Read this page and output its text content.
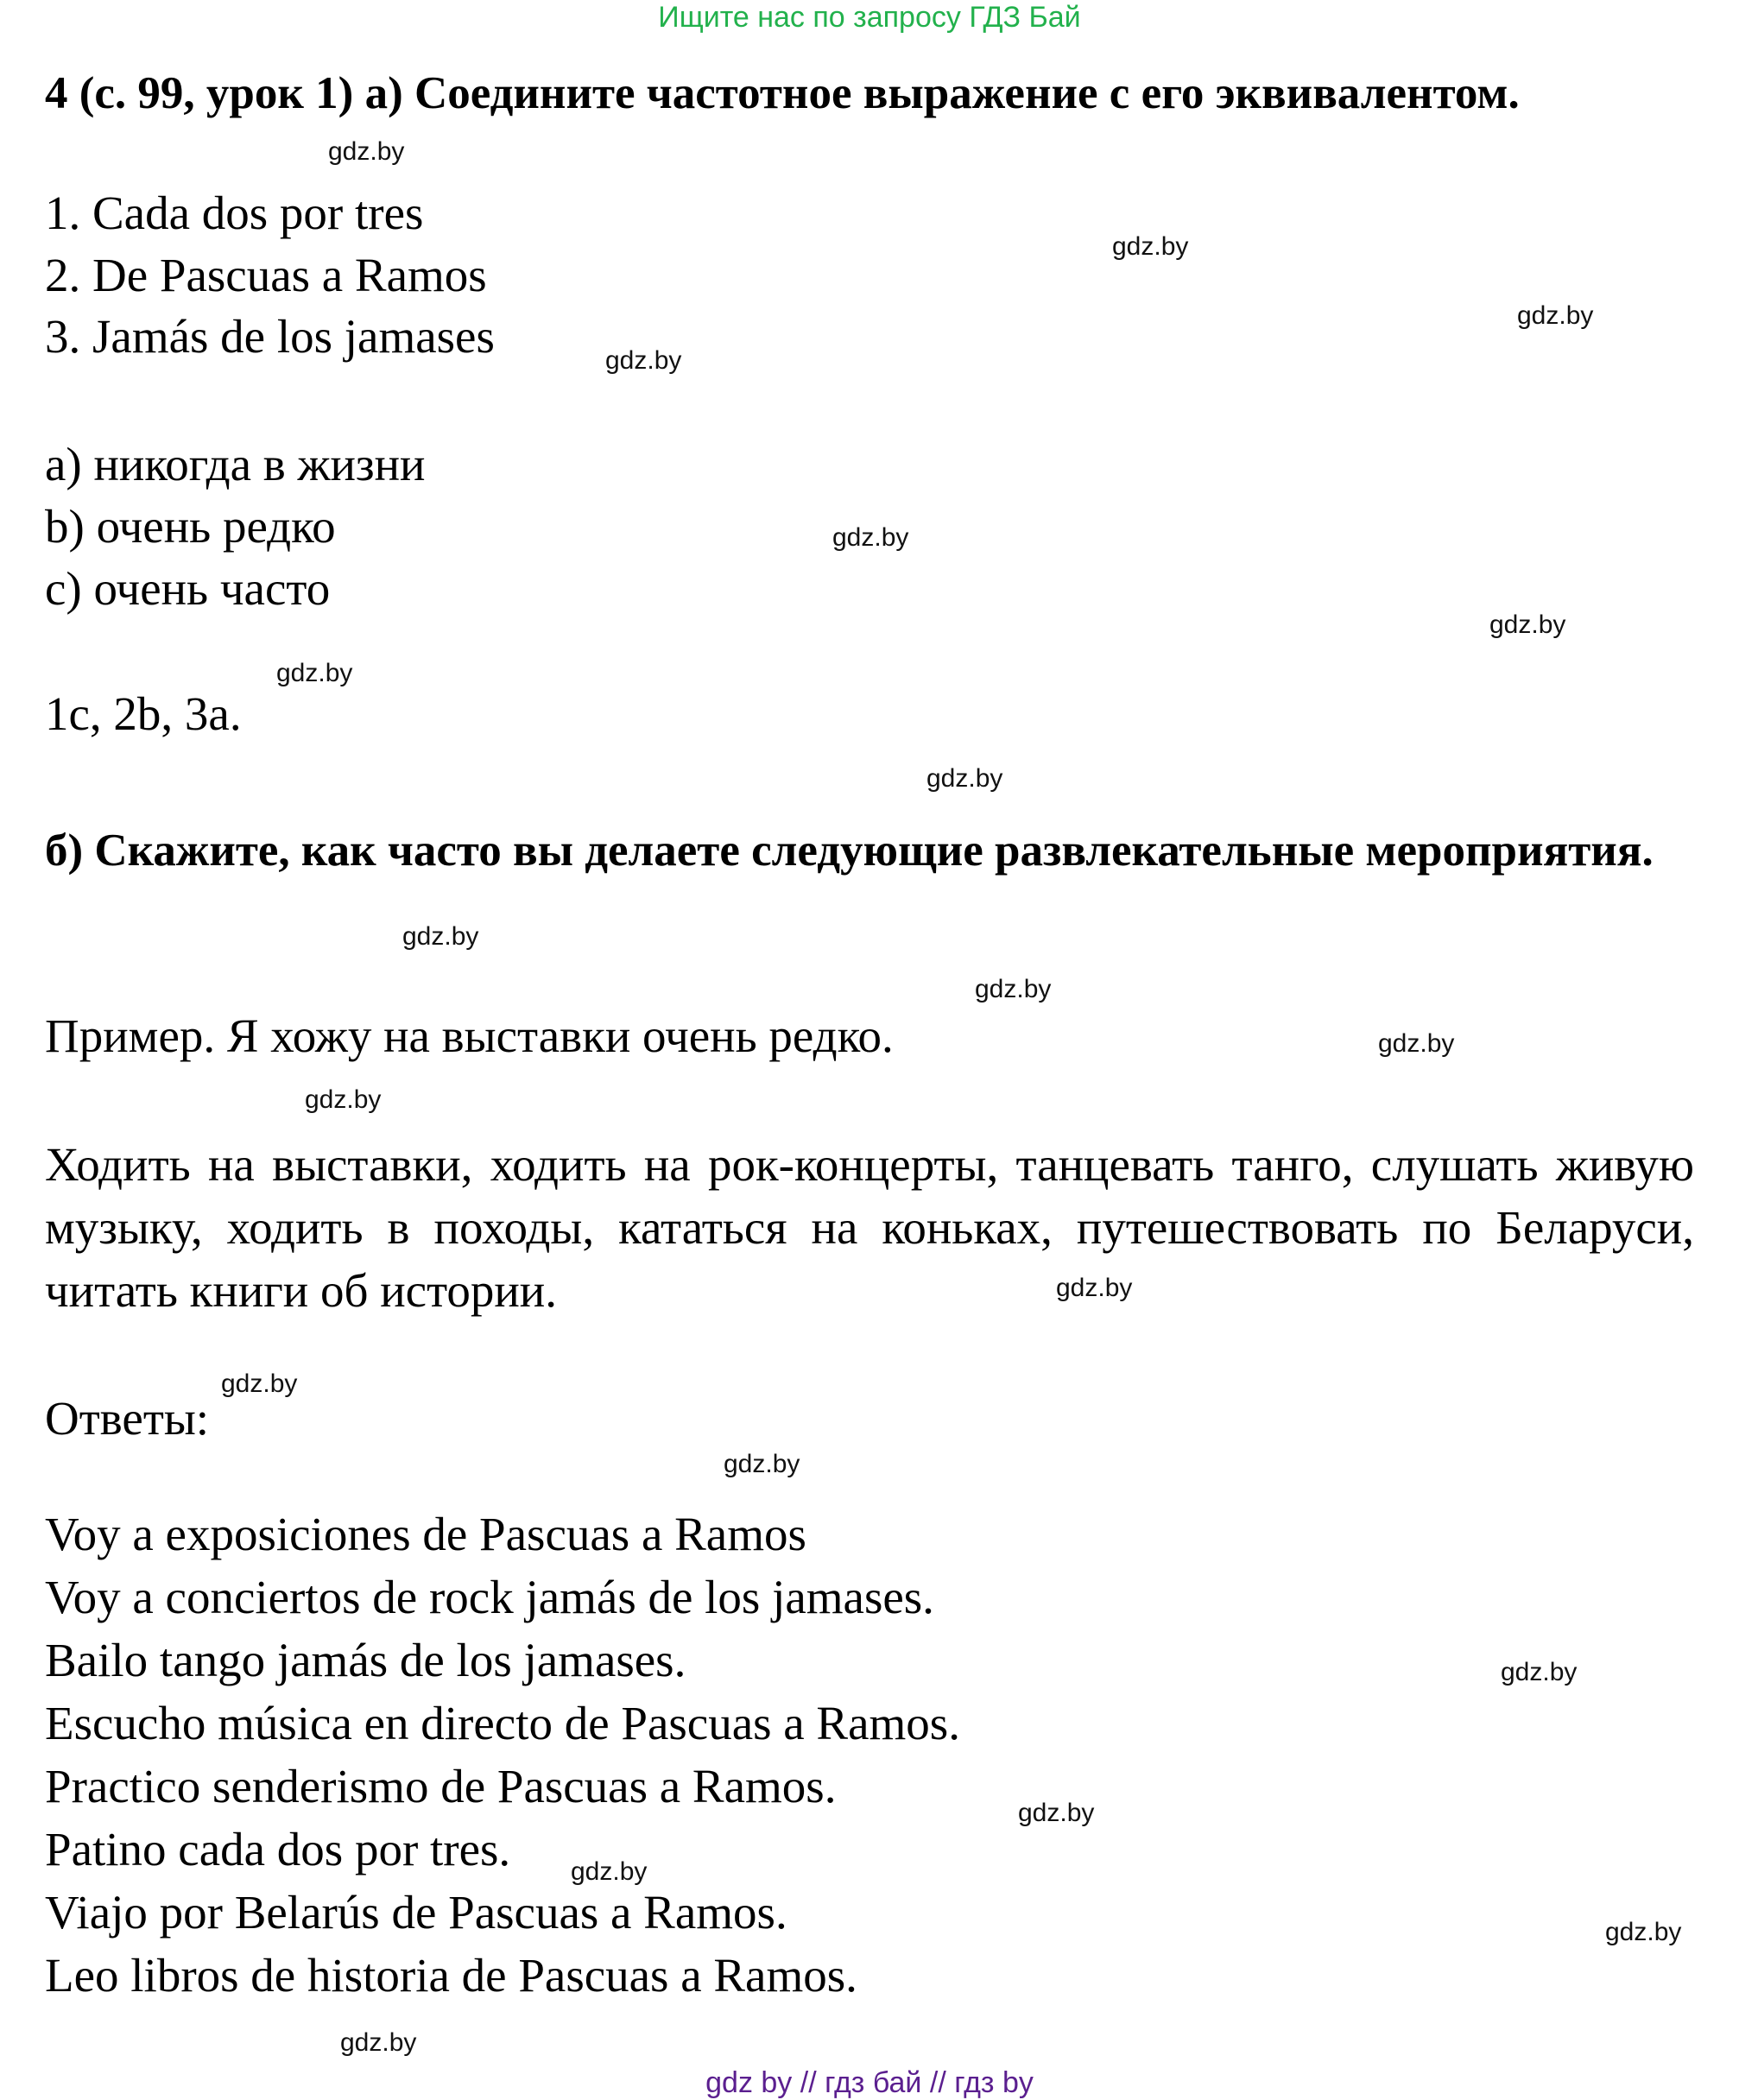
Ищите нас по запросу ГДЗ Бай
4 (с. 99, урок 1) а) Соедините частотное выражение с его эквивалентом.
1. Cada dos por tres
2. De Pascuas a Ramos
3. Jamás de los jamases
а) никогда в жизни
b) очень редко
с) очень часто
1с, 2b, 3а.
б) Скажите, как часто вы делаете следующие развлекательные мероприятия.
Пример. Я хожу на выставки очень редко.
Ходить на выставки, ходить на рок-концерты, танцевать танго, слушать живую музыку, ходить в походы, кататься на коньках, путешествовать по Беларуси, читать книги об истории.
Ответы:
Voy a exposiciones de Pascuas a Ramos
Voy a conciertos de rock jamás de los jamases.
Bailo tango jamás de los jamases.
Escucho música en directo de Pascuas a Ramos.
Practico senderismo de Pascuas a Ramos.
Patino cada dos por tres.
Viajo por Belarús de Pascuas a Ramos.
Leo libros de historia de Pascuas a Ramos.
gdz.by
gdz.by
gdz.by
gdz.by
gdz.by
gdz.by
gdz.by
gdz.by
gdz.by
gdz.by
gdz.by
gdz.by
gdz.by
gdz.by
gdz.by
gdz.by
gdz.by
gdz.by
gdz.by
gdz.by
gdz by // гдз бай // гдз by
